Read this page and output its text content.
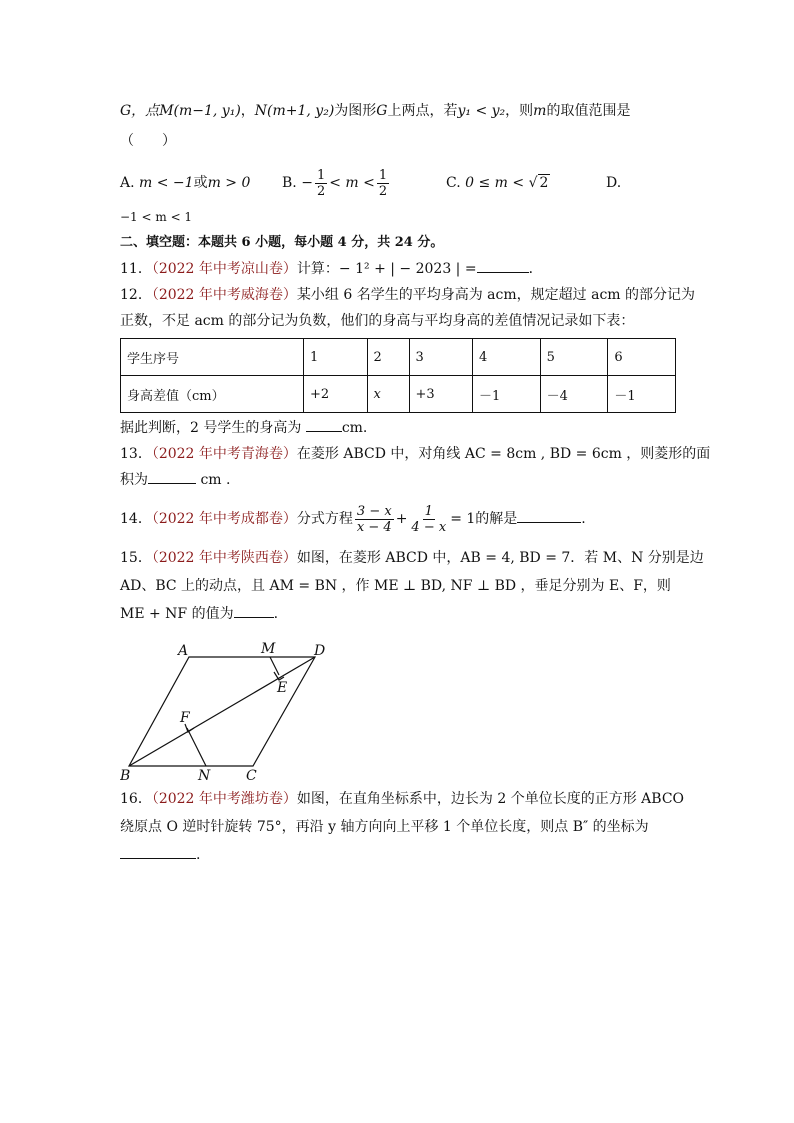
G，点M(m−1, y₁)，N(m+1, y₂)为图形G上两点，若y₁ < y₂，则m的取值范围是
（　　）
A. m < −1或m > 0 B. − $\frac{1}{2} < m < \frac{1}{2}$	C. 0 ≤ m < √ 2	D.
−1 < m < 1
二、填空题：本题共 6 小题，每小题 4 分，共 24 分。
11．（2022 年中考凉山卷）计算：− 1² + | − 2023 | =	．
12．（2022 年中考威海卷）某小组 6 名学生的平均身高为 acm，规定超过 acm 的部分记为
正数，不足 acm 的部分记为负数，他们的身高与平均身高的差值情况记录如下表：
学生序号	1	2	3	4	5	6
身高差值（cm）	+2	x	+3	－1	－4	－1
据此判断，2 号学生的身高为	cm.
13．（2022 年中考青海卷）在菱形 ABCD 中，对角线 AC = 8cm , BD = 6cm ，则菱形的面
积为	cm .
14．（2022 年中考成都卷）分式方程 $\frac{3 - x}{x - 4} + \frac{1}{4 - x} = 1$的解是	.
15．（2022 年中考陕西卷）如图，在菱形 ABCD 中，AB = 4, BD = 7．若 M、N 分别是边
AD、BC 上的动点，且 AM = BN ，作 ME ⊥ BD, NF ⊥ BD ，垂足分别为 E、F，则
ME + NF 的值为	.
A	M	D
E
F
B	N	C
16．（2022 年中考潍坊卷）如图，在直角坐标系中，边长为 2 个单位长度的正方形 ABCO
绕原点 O 逆时针旋转 75°，再沿 y 轴方向向上平移 1 个单位长度，则点 B″ 的坐标为
.
